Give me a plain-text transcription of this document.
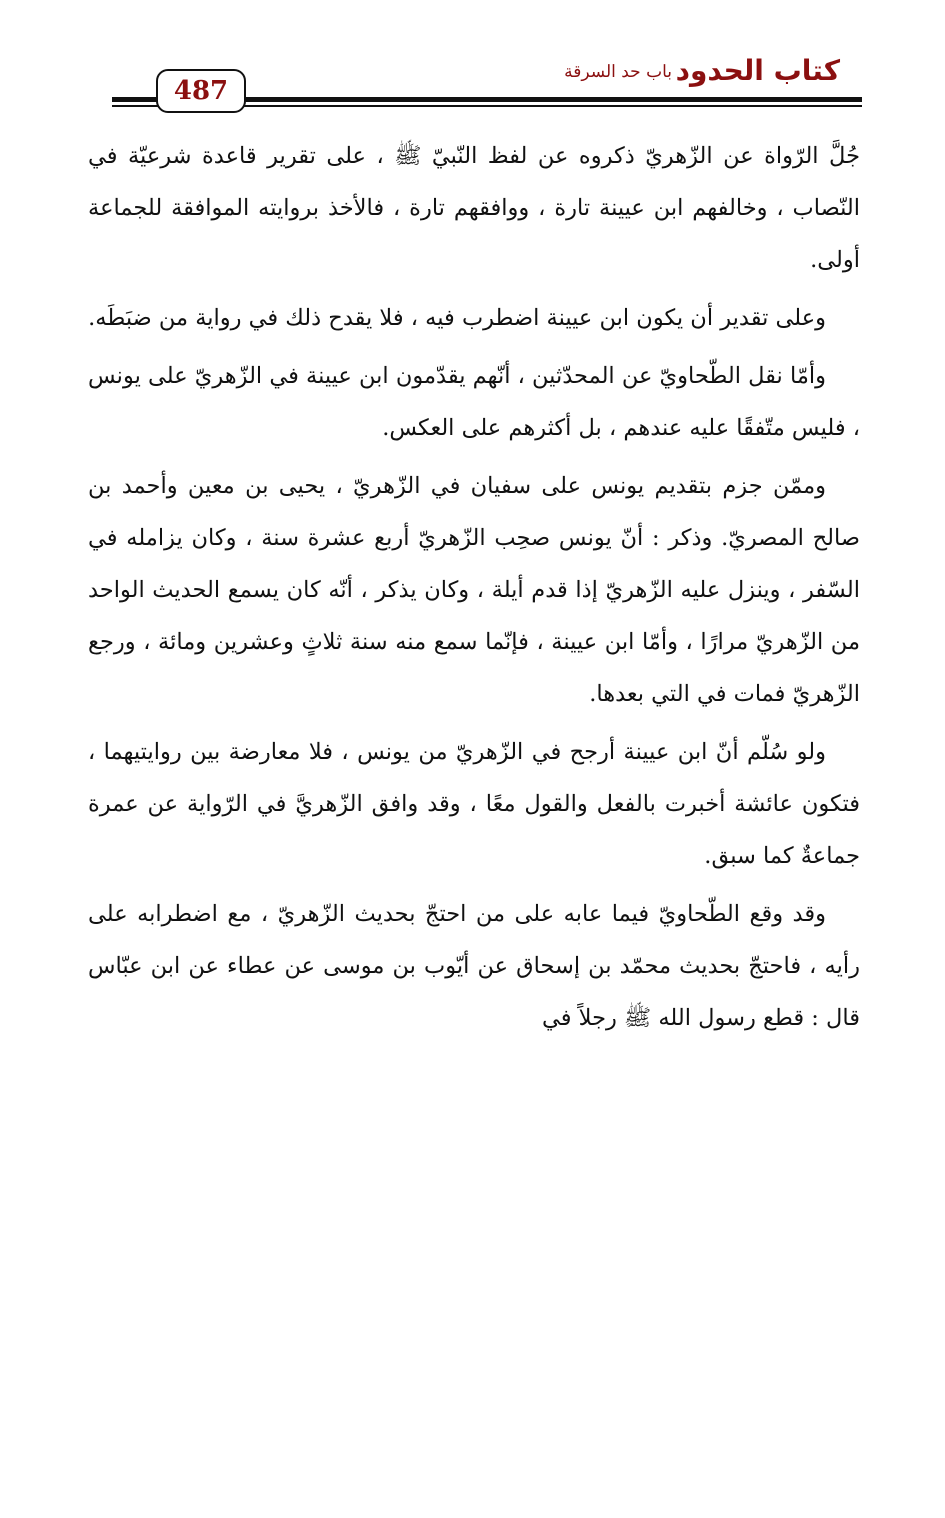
كتاب الحدود
باب حد السرقة
487

جُلَّ الرّواة عن الزّهريّ ذكروه عن لفظ النّبيّ ﷺ ، على تقرير قاعدة شرعيّة في النّصاب ، وخالفهم ابن عيينة تارة ، ووافقهم تارة ، فالأخذ بروايته الموافقة للجماعة أولى.

وعلى تقدير أن يكون ابن عيينة اضطرب فيه ، فلا يقدح ذلك في رواية من ضبَطَه.

وأمّا نقل الطّحاويّ عن المحدّثين ، أنّهم يقدّمون ابن عيينة في الزّهريّ على يونس ، فليس متّفقًا عليه عندهم ، بل أكثرهم على العكس.

وممّن جزم بتقديم يونس على سفيان في الزّهريّ ، يحيى بن معين وأحمد بن صالح المصريّ. وذكر : أنّ يونس صحِب الزّهريّ أربع عشرة سنة ، وكان يزامله في السّفر ، وينزل عليه الزّهريّ إذا قدم أيلة ، وكان يذكر ، أنّه كان يسمع الحديث الواحد من الزّهريّ مرارًا ، وأمّا ابن عيينة ، فإنّما سمع منه سنة ثلاثٍ وعشرين ومائة ، ورجع الزّهريّ فمات في التي بعدها.

ولو سُلّم أنّ ابن عيينة أرجح في الزّهريّ من يونس ، فلا معارضة بين روايتيهما ، فتكون عائشة أخبرت بالفعل والقول معًا ، وقد وافق الزّهريَّ في الرّواية عن عمرة جماعةٌ كما سبق.

وقد وقع الطّحاويّ فيما عابه على من احتجّ بحديث الزّهريّ ، مع اضطرابه على رأيه ، فاحتجّ بحديث محمّد بن إسحاق عن أيّوب بن موسى عن عطاء عن ابن عبّاس قال : قطع رسول الله ﷺ رجلاً في
